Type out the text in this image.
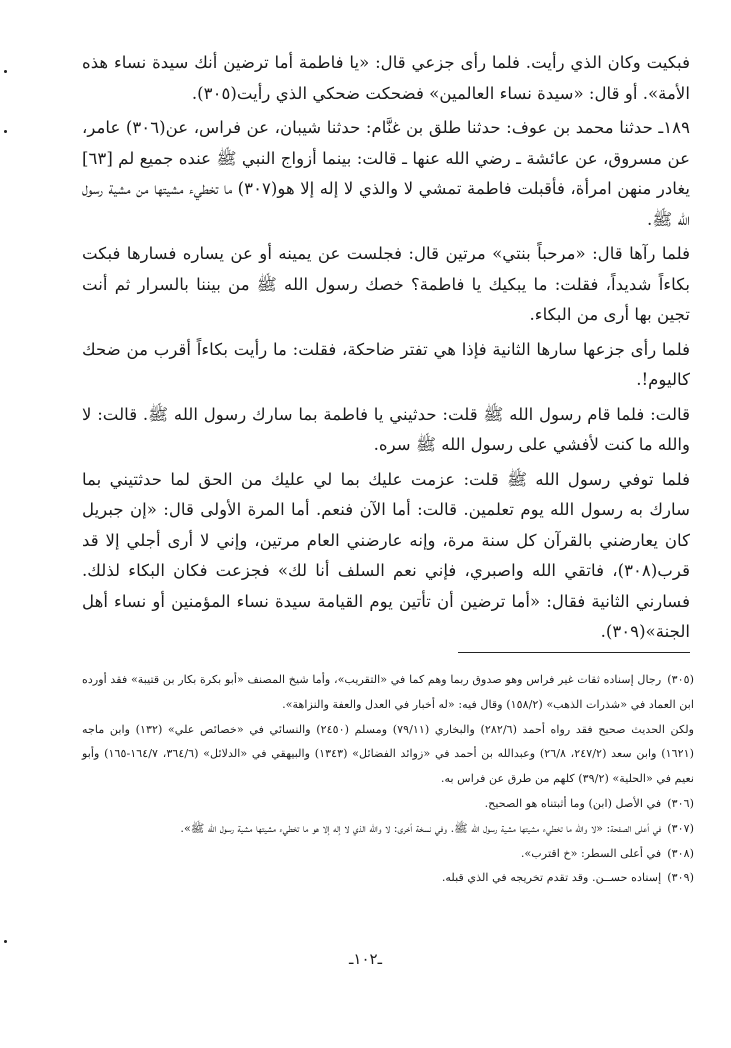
فبكيت وكان الذي رأيت. فلما رأى جزعي قال: «يا فاطمة أما ترضين أنك سيدة نساء هذه الأمة». أو قال: «سيدة نساء العالمين» فضحكت ضحكي الذي رأيت(٣٠٥).

١٨٩ـ حدثنا محمد بن عوف: حدثنا طلق بن غنَّام: حدثنا شيبان، عن فراس، عن(٣٠٦) عامر، عن مسروق، عن عائشة ـ رضي الله عنها ـ قالت: بينما أزواج النبي ﷺ عنده جميع لم [٦٣] يغادر منهن امرأة، فأقبلت فاطمة تمشي لا والذي لا إله إلا هو(٣٠٧) ما تخطيء مشيتها من مشية رسول الله ﷺ.

فلما رآها قال: «مرحباً بنتي» مرتين قال: فجلست عن يمينه أو عن يساره فسارها فبكت بكاءاً شديداً، فقلت: ما يبكيك يا فاطمة؟ خصك رسول الله ﷺ من بيننا بالسرار ثم أنت تجين بها أرى من البكاء.

فلما رأى جزعها سارها الثانية فإذا هي تفتر ضاحكة، فقلت: ما رأيت بكاءاً أقرب من ضحك كاليوم!.

قالت: فلما قام رسول الله ﷺ قلت: حدثيني يا فاطمة بما سارك رسول الله ﷺ. قالت: لا والله ما كنت لأفشي على رسول الله ﷺ سره.

فلما توفي رسول الله ﷺ قلت: عزمت عليك بما لي عليك من الحق لما حدثتيني بما سارك به رسول الله يوم تعلمين. قالت: أما الآن فنعم. أما المرة الأولى قال: «إن جبريل كان يعارضني بالقرآن كل سنة مرة، وإنه عارضني العام مرتين، وإني لا أرى أجلي إلا قد قرب(٣٠٨)، فاتقي الله واصبري، فإني نعم السلف أنا لك» فجزعت فكان البكاء لذلك. فسارني الثانية فقال: «أما ترضين أن تأتين يوم القيامة سيدة نساء المؤمنين أو نساء أهل الجنة»(٣٠٩).

(٣٠٥)رجال إسناده ثقات غير فراس وهو صدوق ربما وهم كما في «التقريب»، وأما شيخ المصنف «أبو بكرة بكار بن قتيبة» فقد أورده ابن العماد في «شذرات الذهب» (١٥٨/٢) وقال فيه: «له أخبار في العدل والعفة والنزاهة».

ولكن الحديث صحيح فقد رواه أحمد (٢٨٢/٦) والبخاري (٧٩/١١) ومسلم (٢٤٥٠) والنسائي في «خصائص علي» (١٣٢) وابن ماجه (١٦٢١) وابن سعد (٢٤٧/٢، ٢٦/٨) وعبدالله بن أحمد في «زوائد الفضائل» (١٣٤٣) والبيهقي في «الدلائل» (٣٦٤/٦، ١٦٤/٧-١٦٥) وأبو نعيم في «الحلية» (٣٩/٢) كلهم من طرق عن فراس به.

(٣٠٦)في الأصل (ابن) وما أثبتناه هو الصحيح.

(٣٠٧)في أعلى الصفحة: «لا والله ما تخطيء مشيتها مشية رسول الله ﷺ. وفي نسخة أخرى: لا والله الذي لا إله إلا هو ما تخطيء مشيتها مشية رسول الله ﷺ».

(٣٠٨)في أعلى السطر: «خ اقترب».

(٣٠٩)إسناده حســن. وقد تقدم تخريجه في الذي قبله.

ـ١٠٢ـ
